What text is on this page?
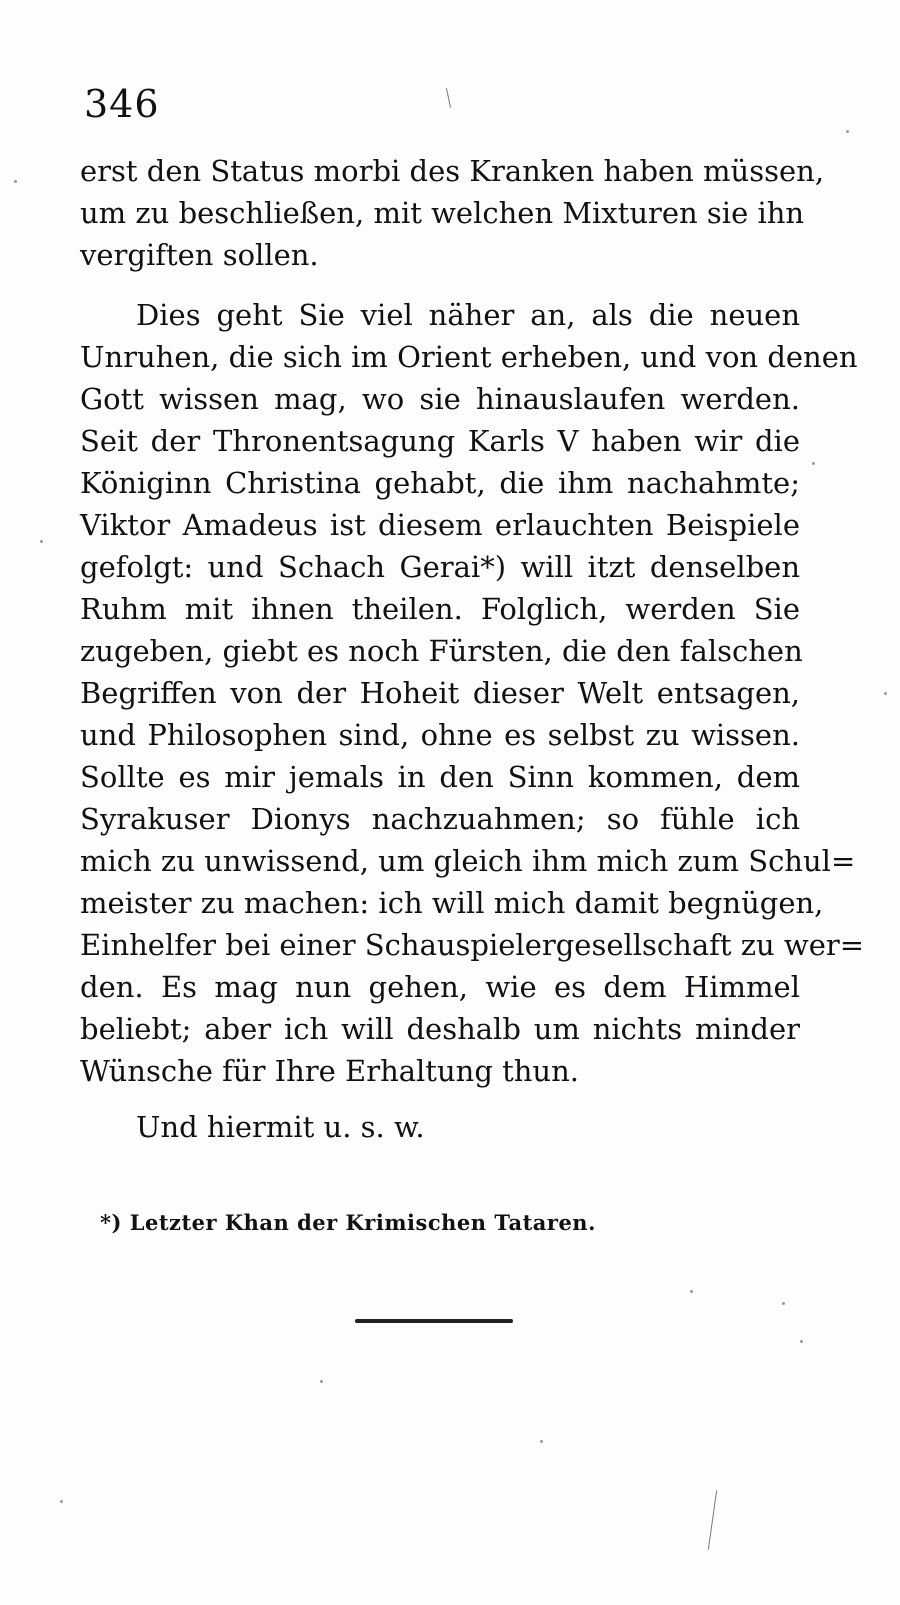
346
erst den Status morbi des Kranken haben müssen,
um zu beschließen, mit welchen Mixturen sie ihn
vergiften sollen.
Dies geht Sie viel näher an, als die neuen
Unruhen, die sich im Orient erheben, und von denen
Gott wissen mag, wo sie hinauslaufen werden.
Seit der Thronentsagung Karls V haben wir die
Königinn Christina gehabt, die ihm nachahmte;
Viktor Amadeus ist diesem erlauchten Beispiele
gefolgt: und Schach Gerai*) will itzt denselben
Ruhm mit ihnen theilen. Folglich, werden Sie
zugeben, giebt es noch Fürsten, die den falschen
Begriffen von der Hoheit dieser Welt entsagen,
und Philosophen sind, ohne es selbst zu wissen.
Sollte es mir jemals in den Sinn kommen, dem
Syrakuser Dionys nachzuahmen; so fühle ich
mich zu unwissend, um gleich ihm mich zum Schul=
meister zu machen: ich will mich damit begnügen,
Einhelfer bei einer Schauspielergesellschaft zu wer=
den. Es mag nun gehen, wie es dem Himmel
beliebt; aber ich will deshalb um nichts minder
Wünsche für Ihre Erhaltung thun.
Und hiermit u. s. w.
*) Letzter Khan der Krimischen Tataren.
